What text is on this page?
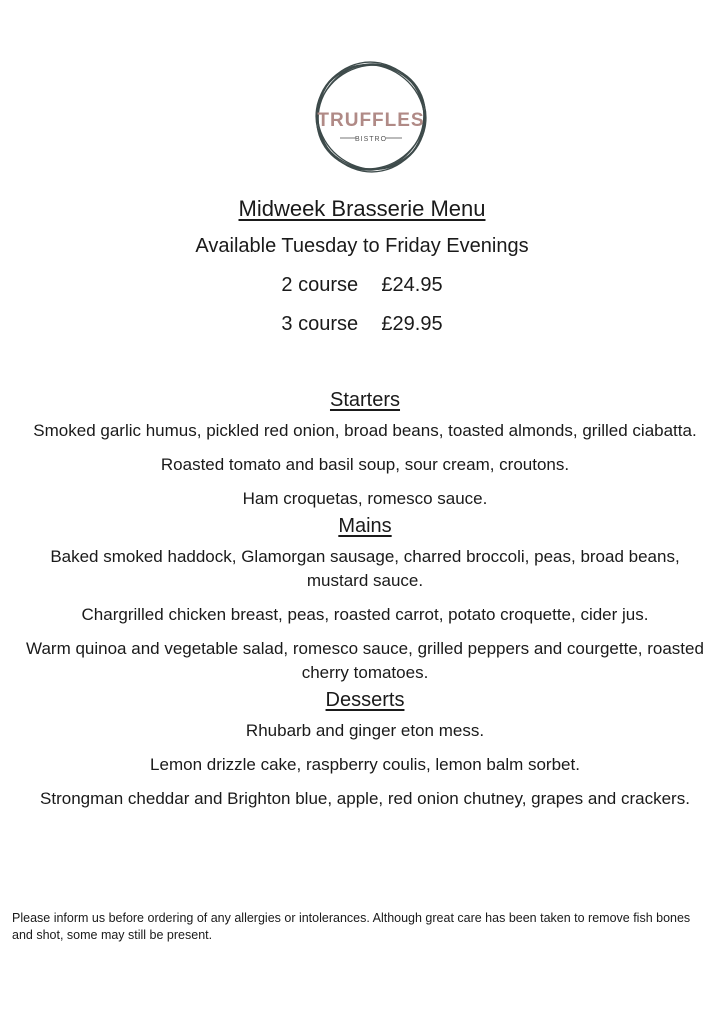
TRUFFLES
BISTRO
Midweek Brasserie Menu
Available Tuesday to Friday Evenings
2 course £24.95
3 course £29.95
Starters
Smoked garlic humus, pickled red onion, broad beans, toasted almonds, grilled ciabatta.
Roasted tomato and basil soup, sour cream, croutons.
Ham croquetas, romesco sauce.
Mains
Baked smoked haddock, Glamorgan sausage, charred broccoli, peas, broad beans, mustard sauce.
Chargrilled chicken breast, peas, roasted carrot, potato croquette, cider jus.
Warm quinoa and vegetable salad, romesco sauce, grilled peppers and courgette, roasted cherry tomatoes.
Desserts
Rhubarb and ginger eton mess.
Lemon drizzle cake, raspberry coulis, lemon balm sorbet.
Strongman cheddar and Brighton blue, apple, red onion chutney, grapes and crackers.
Please inform us before ordering of any allergies or intolerances. Although great care has been taken to remove fish bones   and shot, some may still be present.
